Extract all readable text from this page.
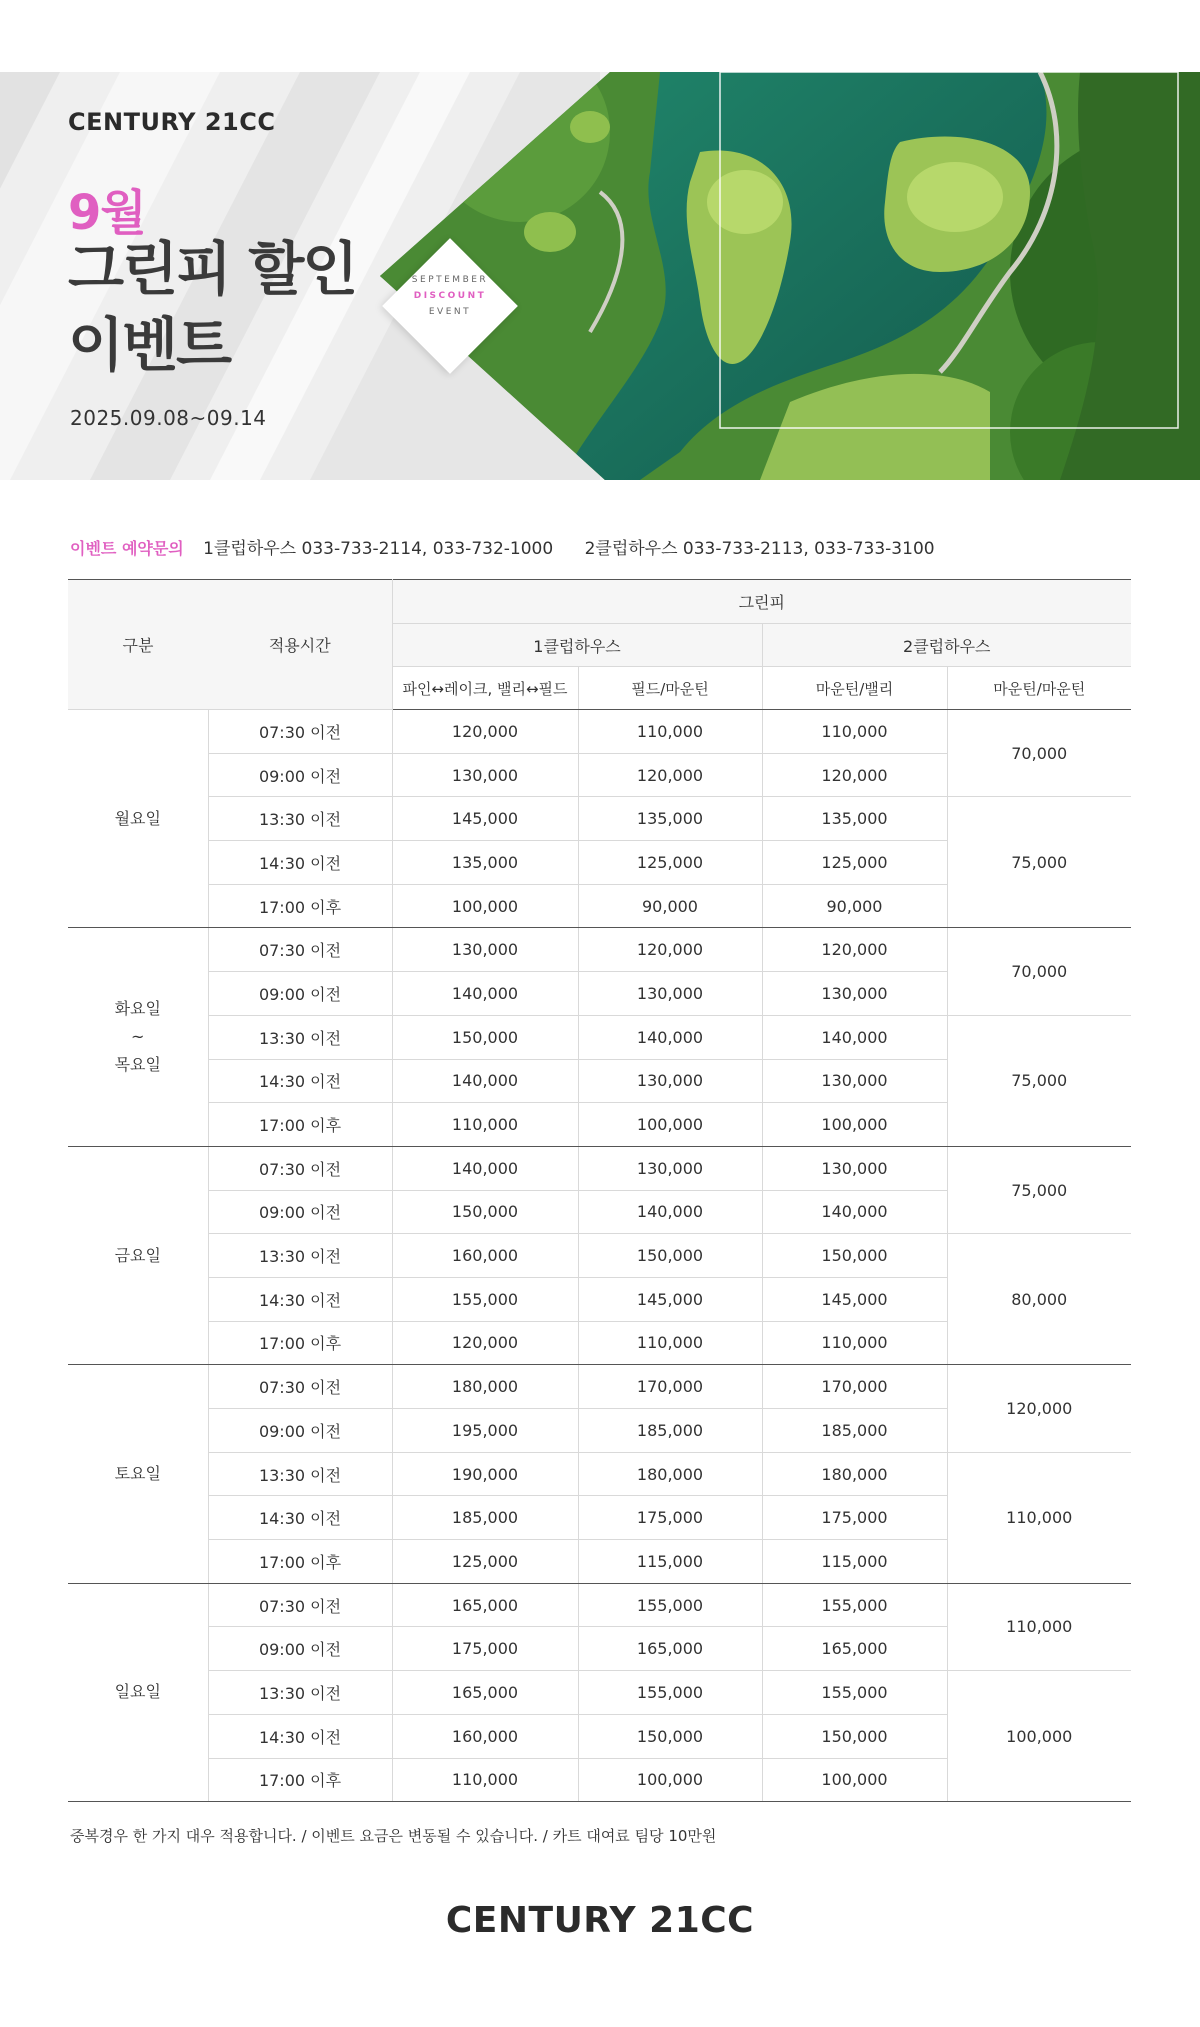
SEPTEMBER
DISCOUNT
EVENT
CENTURY 21CC
9월
그린피 할인
이벤트
2025.09.08~09.14
이벤트 예약문의 1클럽하우스 033-733-2114, 033-732-1000 2클럽하우스 033-733-2113, 033-733-3100
구분	적용시간	그린피			
		1클럽하우스		2클럽하우스	
		파인↔레이크, 밸리↔필드	필드/마운틴	마운틴/밸리	마운틴/마운틴

월요일	07:30 이전	120,000	110,000	110,000	70,000
	09:00 이전	130,000	120,000	120,000	
	13:30 이전	145,000	135,000	135,000	75,000
	14:30 이전	135,000	125,000	125,000	
	17:00 이후	100,000	90,000	90,000	

화요일
~
목요일	07:30 이전	130,000	120,000	120,000	70,000
	09:00 이전	140,000	130,000	130,000	
	13:30 이전	150,000	140,000	140,000	75,000
	14:30 이전	140,000	130,000	130,000	
	17:00 이후	110,000	100,000	100,000	

금요일	07:30 이전	140,000	130,000	130,000	75,000
	09:00 이전	150,000	140,000	140,000	
	13:30 이전	160,000	150,000	150,000	80,000
	14:30 이전	155,000	145,000	145,000	
	17:00 이후	120,000	110,000	110,000	

토요일	07:30 이전	180,000	170,000	170,000	120,000
	09:00 이전	195,000	185,000	185,000	
	13:30 이전	190,000	180,000	180,000	110,000
	14:30 이전	185,000	175,000	175,000	
	17:00 이후	125,000	115,000	115,000	

일요일	07:30 이전	165,000	155,000	155,000	110,000
	09:00 이전	175,000	165,000	165,000	
	13:30 이전	165,000	155,000	155,000	100,000
	14:30 이전	160,000	150,000	150,000	
	17:00 이후	110,000	100,000	100,000	
중복경우 한 가지 대우 적용합니다. / 이벤트 요금은 변동될 수 있습니다. / 카트 대여료 팀당 10만원
CENTURY 21CC
